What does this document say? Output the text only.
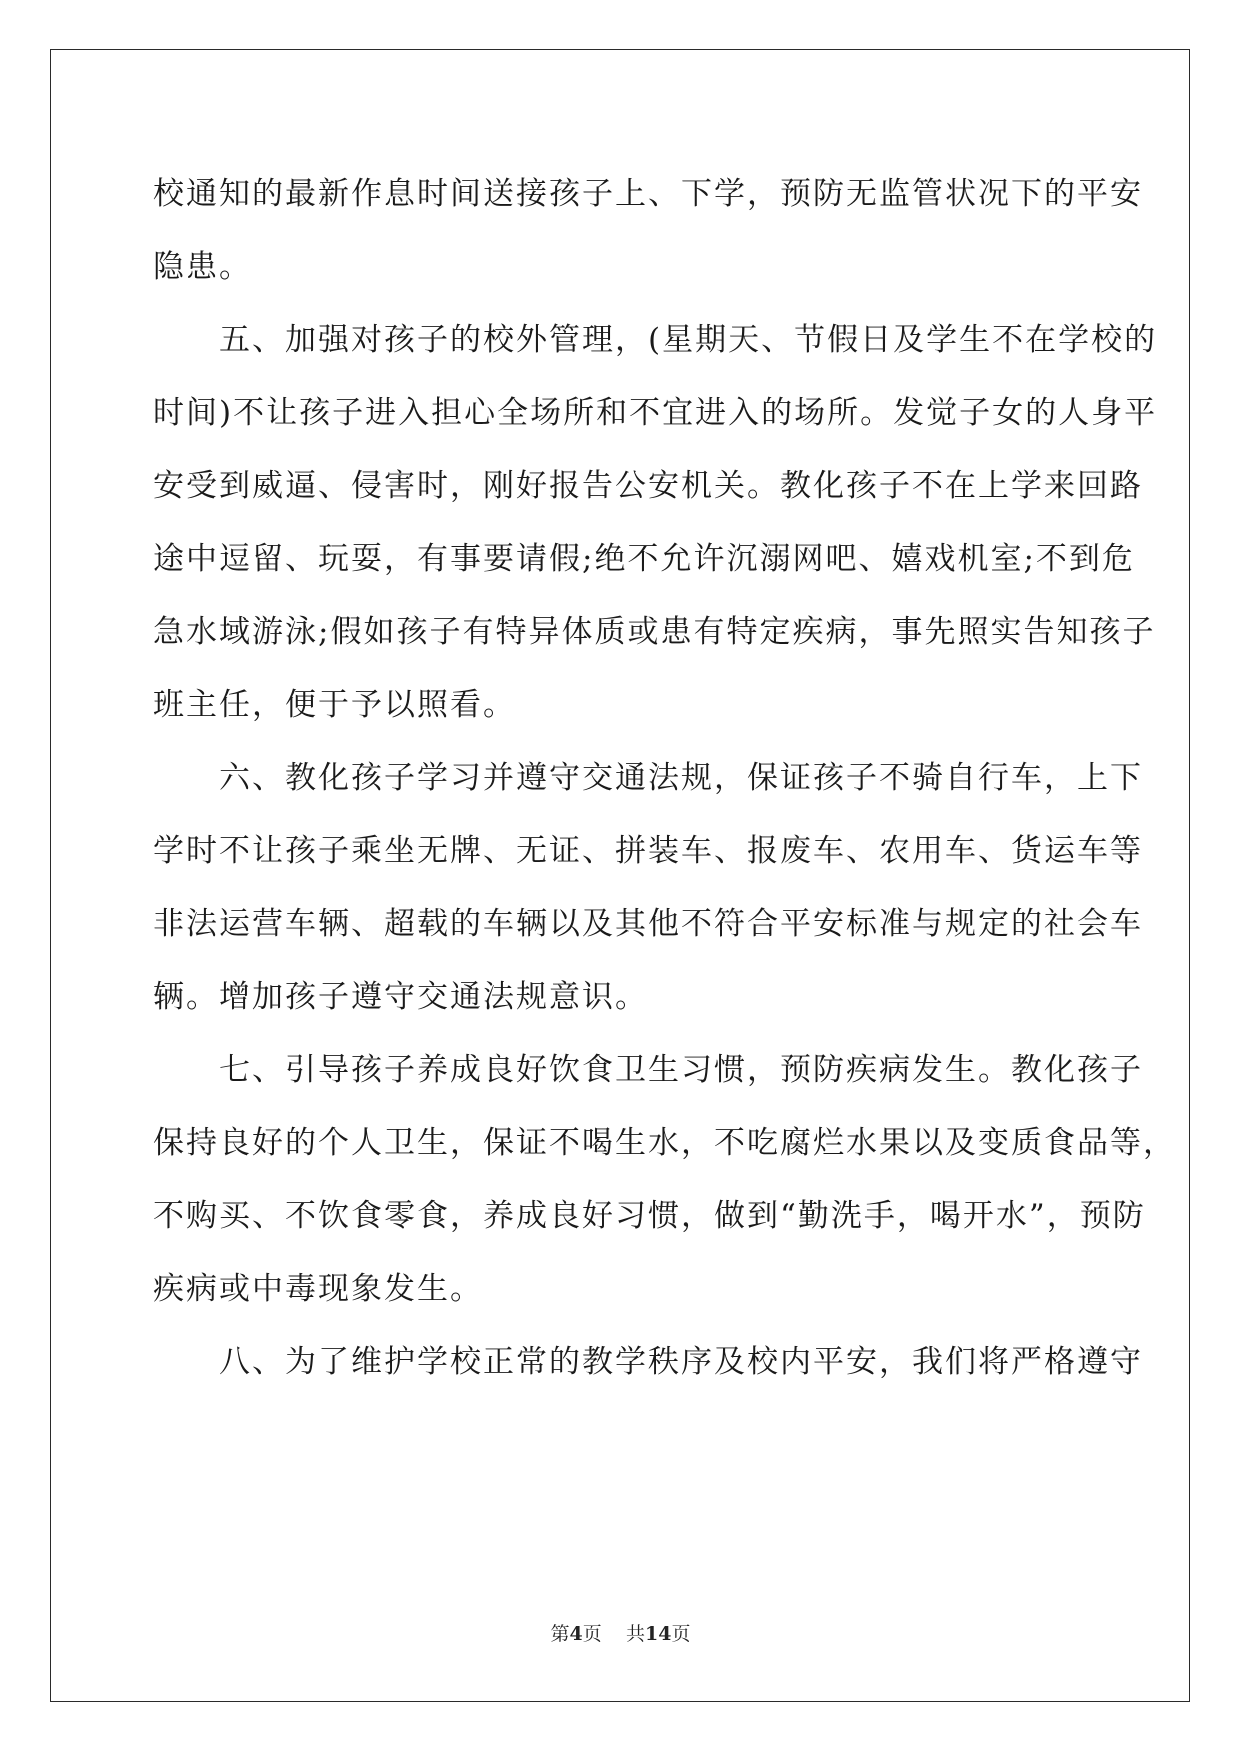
校通知的最新作息时间送接孩子上、下学，预防无监管状况下的平安
隐患。
　　五、加强对孩子的校外管理，(星期天、节假日及学生不在学校的
时间)不让孩子进入担心全场所和不宜进入的场所。发觉子女的人身平
安受到威逼、侵害时，刚好报告公安机关。教化孩子不在上学来回路
途中逗留、玩耍，有事要请假;绝不允许沉溺网吧、嬉戏机室;不到危
急水域游泳;假如孩子有特异体质或患有特定疾病，事先照实告知孩子
班主任，便于予以照看。
　　六、教化孩子学习并遵守交通法规，保证孩子不骑自行车，上下
学时不让孩子乘坐无牌、无证、拼装车、报废车、农用车、货运车等
非法运营车辆、超载的车辆以及其他不符合平安标准与规定的社会车
辆。增加孩子遵守交通法规意识。
　　七、引导孩子养成良好饮食卫生习惯，预防疾病发生。教化孩子
保持良好的个人卫生，保证不喝生水，不吃腐烂水果以及变质食品等，
不购买、不饮食零食，养成良好习惯，做到“勤洗手，喝开水”，预防
疾病或中毒现象发生。
　　八、为了维护学校正常的教学秩序及校内平安，我们将严格遵守
第4页 共14页
